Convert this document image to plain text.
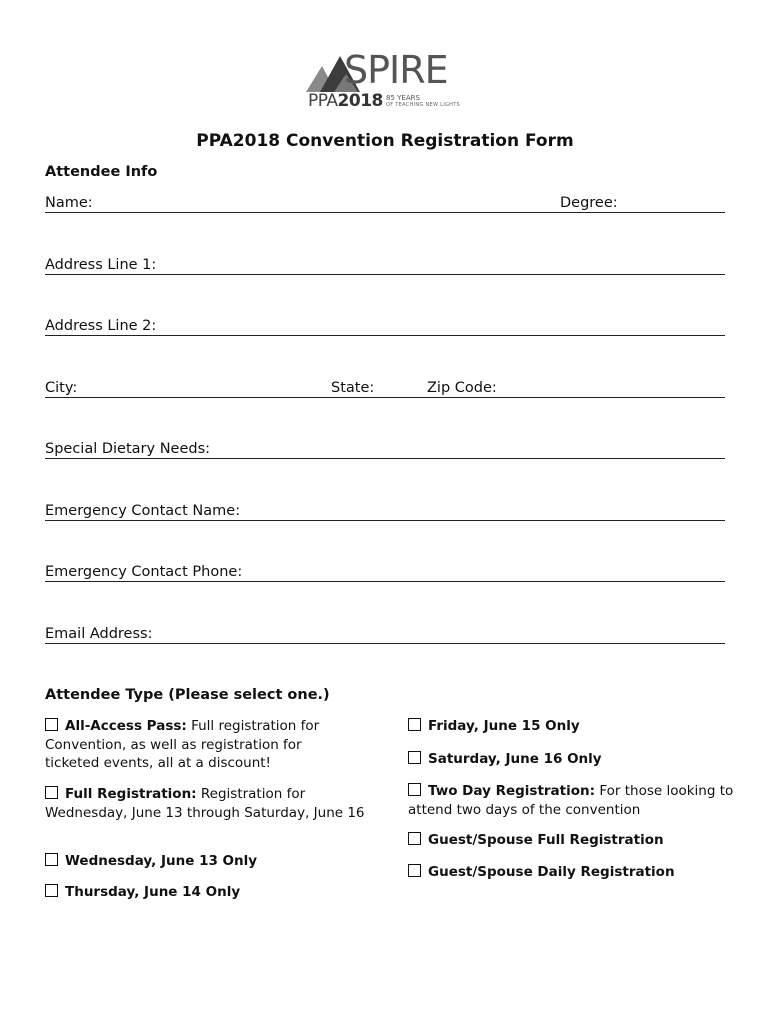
SPIRE
PPA2018 85 YEARS
OF TEACHING NEW LIGHTS
PPA2018 Convention Registration Form
Attendee Info
Name:	Degree:
Address Line 1:
Address Line 2:
City:	State:	Zip Code:
Special Dietary Needs:
Emergency Contact Name:
Emergency Contact Phone:
Email Address:
Attendee Type (Please select one.)
All-Access Pass: Full registration for Convention, as well as registration for ticketed events, all at a discount!
Full Registration: Registration for Wednesday, June 13 through Saturday, June 16
Wednesday, June 13 Only
Thursday, June 14 Only
Friday, June 15 Only
Saturday, June 16 Only
Two Day Registration: For those looking to attend two days of the convention
Guest/Spouse Full Registration
Guest/Spouse Daily Registration
